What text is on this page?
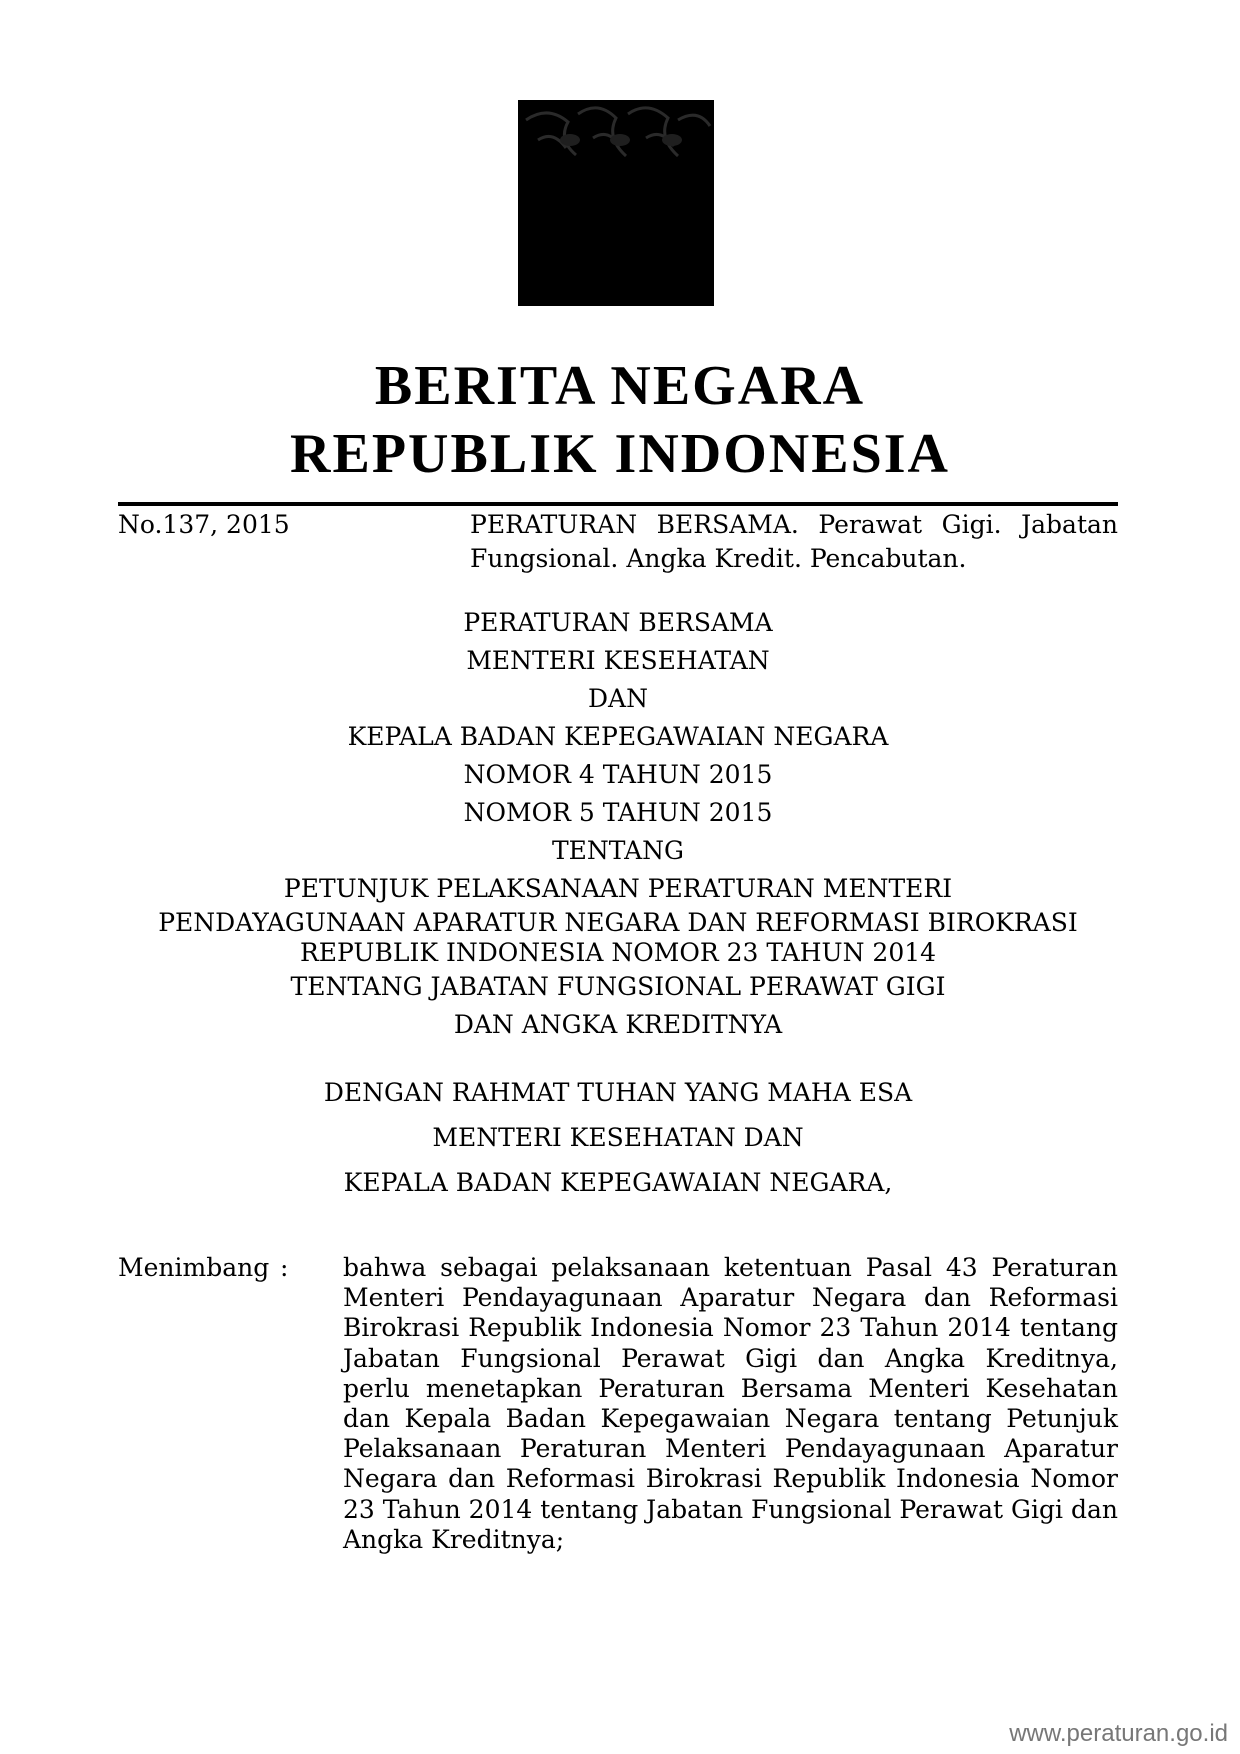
BERITA NEGARA
REPUBLIK INDONESIA
No.137, 2015	PERATURAN BERSAMA. Perawat Gigi. Jabatan Fungsional. Angka Kredit. Pencabutan.
PERATURAN BERSAMA
MENTERI KESEHATAN
DAN
KEPALA BADAN KEPEGAWAIAN NEGARA
NOMOR 4 TAHUN 2015
NOMOR 5 TAHUN 2015
TENTANG
PETUNJUK PELAKSANAAN PERATURAN MENTERI
PENDAYAGUNAAN APARATUR NEGARA DAN REFORMASI BIROKRASI
REPUBLIK INDONESIA NOMOR 23 TAHUN 2014
TENTANG JABATAN FUNGSIONAL PERAWAT GIGI
DAN ANGKA KREDITNYA
DENGAN RAHMAT TUHAN YANG MAHA ESA
MENTERI KESEHATAN DAN
KEPALA BADAN KEPEGAWAIAN NEGARA,
Menimbang : bahwa sebagai pelaksanaan ketentuan Pasal 43 Peraturan Menteri Pendayagunaan Aparatur Negara dan Reformasi Birokrasi Republik Indonesia Nomor 23 Tahun 2014 tentang Jabatan Fungsional Perawat Gigi dan Angka Kreditnya, perlu menetapkan Peraturan Bersama Menteri Kesehatan dan Kepala Badan Kepegawaian Negara tentang Petunjuk Pelaksanaan Peraturan Menteri Pendayagunaan Aparatur Negara dan Reformasi Birokrasi Republik Indonesia Nomor 23 Tahun 2014 tentang Jabatan Fungsional Perawat Gigi dan Angka Kreditnya;
www.peraturan.go.id
